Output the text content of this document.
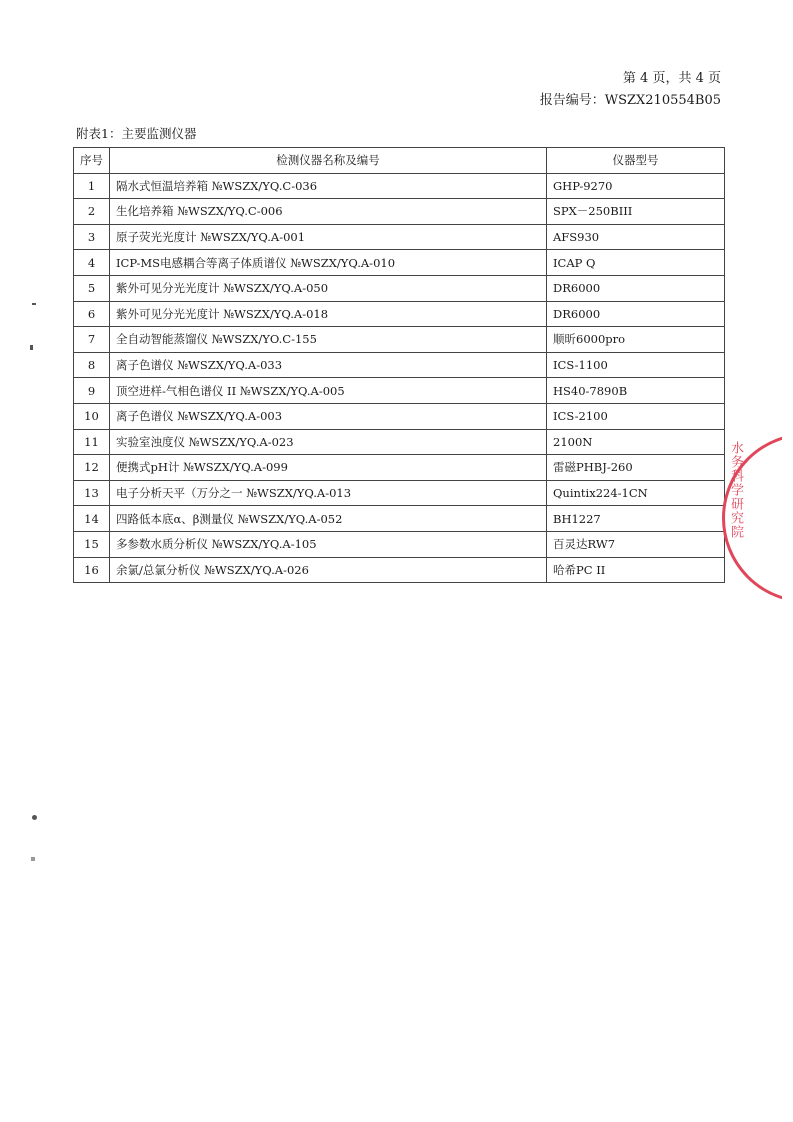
第 4 页，共 4 页
报告编号：WSZX210554B05
附表1：主要监测仪器
序号	检测仪器名称及编号	仪器型号
1	隔水式恒温培养箱 №WSZX/YQ.C-036	GHP-9270
2	生化培养箱 №WSZX/YQ.C-006	SPX－250BIII
3	原子荧光光度计 №WSZX/YQ.A-001	AFS930
4	ICP-MS电感耦合等离子体质谱仪 №WSZX/YQ.A-010	ICAP Q
5	紫外可见分光光度计 №WSZX/YQ.A-050	DR6000
6	紫外可见分光光度计 №WSZX/YQ.A-018	DR6000
7	全自动智能蒸馏仪 №WSZX/YO.C-155	顺昕6000pro
8	离子色谱仪 №WSZX/YQ.A-033	ICS-1100
9	顶空进样-气相色谱仪 II №WSZX/YQ.A-005	HS40-7890B
10	离子色谱仪 №WSZX/YQ.A-003	ICS-2100
11	实验室浊度仪 №WSZX/YQ.A-023	2100N
12	便携式pH计 №WSZX/YQ.A-099	雷磁PHBJ-260
13	电子分析天平（万分之一 №WSZX/YQ.A-013	Quintix224-1CN
14	四路低本底α、β测量仪 №WSZX/YQ.A-052	BH1227
15	多参数水质分析仪 №WSZX/YQ.A-105	百灵达RW7
16	余氯/总氯分析仪 №WSZX/YQ.A-026	哈希PC II
水务科学研究院
